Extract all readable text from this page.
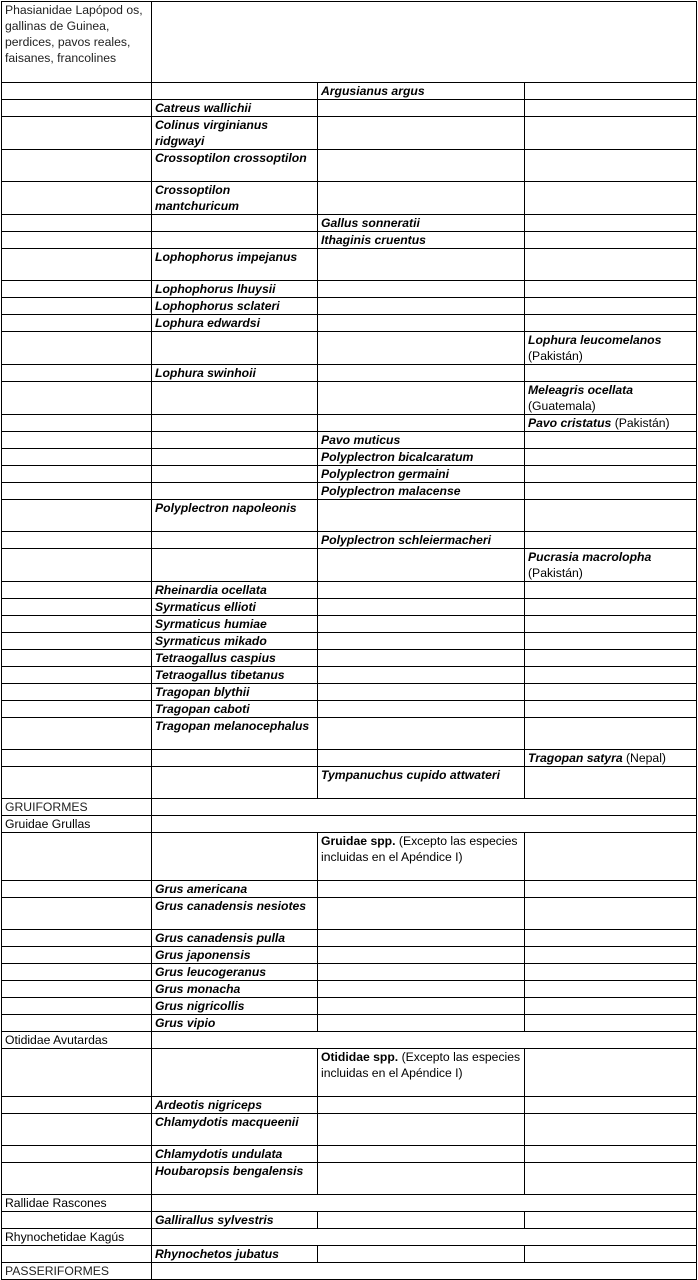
Phasianidae Lapópod os, gallinas de Guinea, perdices, pavos reales, faisanes, francolines			
		Argusianus argus	
	Catreus wallichii		
	Colinus virginianus ridgwayi		
	Crossoptilon crossoptilon		
	Crossoptilon mantchuricum		
		Gallus sonneratii	
		Ithaginis cruentus	
	Lophophorus impejanus		
	Lophophorus lhuysii		
	Lophophorus sclateri		
	Lophura edwardsi		
			Lophura leucomelanos (Pakistán)
	Lophura swinhoii		
			Meleagris ocellata (Guatemala)
			Pavo cristatus (Pakistán)
		Pavo muticus	
		Polyplectron bicalcaratum	
		Polyplectron germaini	
		Polyplectron malacense	
	Polyplectron napoleonis		
		Polyplectron schleiermacheri	
			Pucrasia macrolopha (Pakistán)
	Rheinardia ocellata		
	Syrmaticus ellioti		
	Syrmaticus humiae		
	Syrmaticus mikado		
	Tetraogallus caspius		
	Tetraogallus tibetanus		
	Tragopan blythii		
	Tragopan caboti		
	Tragopan melanocephalus		
			Tragopan satyra (Nepal)
		Tympanuchus cupido attwateri	
GRUIFORMES			
Gruidae Grullas			
		Gruidae spp. (Excepto las especies incluidas en el Apéndice I)	
	Grus americana		
	Grus canadensis nesiotes		
	Grus canadensis pulla		
	Grus japonensis		
	Grus leucogeranus		
	Grus monacha		
	Grus nigricollis		
	Grus vipio		
Otididae Avutardas			
		Otididae spp. (Excepto las especies incluidas en el Apéndice I)	
	Ardeotis nigriceps		
	Chlamydotis macqueenii		
	Chlamydotis undulata		
	Houbaropsis bengalensis		
Rallidae Rascones			
	Gallirallus sylvestris		
Rhynochetidae Kagús			
	Rhynochetos jubatus		
PASSERIFORMES			
